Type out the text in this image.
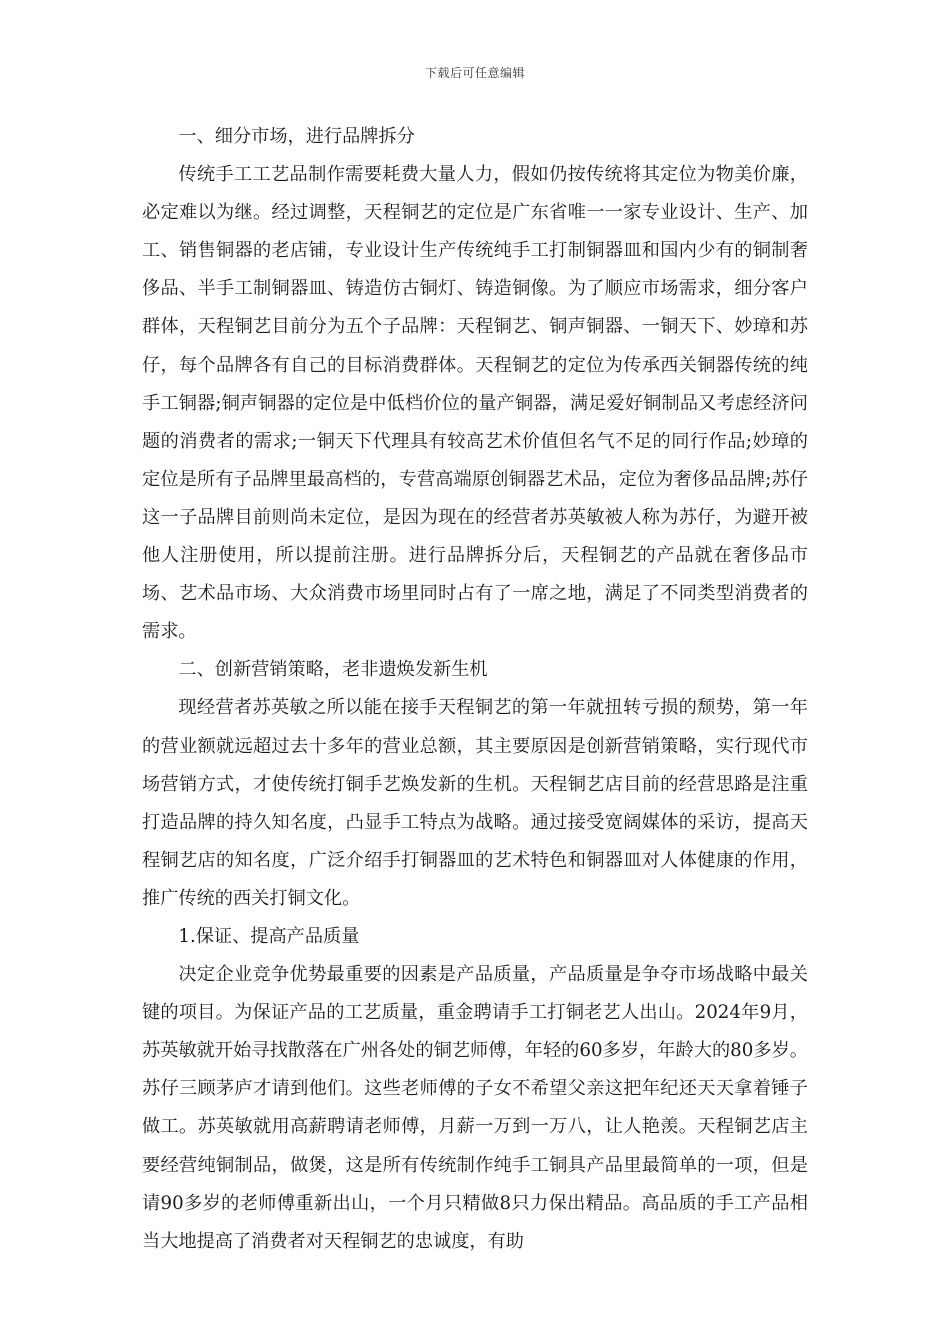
下载后可任意编辑

一、细分市场，进行品牌拆分

传统手工工艺品制作需要耗费大量人力，假如仍按传统将其定位为物美价廉，必定难以为继。经过调整，天程铜艺的定位是广东省唯一一家专业设计、生产、加工、销售铜器的老店铺，专业设计生产传统纯手工打制铜器皿和国内少有的铜制奢侈品、半手工制铜器皿、铸造仿古铜灯、铸造铜像。为了顺应市场需求，细分客户群体，天程铜艺目前分为五个子品牌：天程铜艺、铜声铜器、一铜天下、妙璋和苏仔，每个品牌各有自己的目标消费群体。天程铜艺的定位为传承西关铜器传统的纯手工铜器;铜声铜器的定位是中低档价位的量产铜器，满足爱好铜制品又考虑经济问题的消费者的需求;一铜天下代理具有较高艺术价值但名气不足的同行作品;妙璋的定位是所有子品牌里最高档的，专营高端原创铜器艺术品，定位为奢侈品品牌;苏仔这一子品牌目前则尚未定位，是因为现在的经营者苏英敏被人称为苏仔，为避开被他人注册使用，所以提前注册。进行品牌拆分后，天程铜艺的产品就在奢侈品市场、艺术品市场、大众消费市场里同时占有了一席之地，满足了不同类型消费者的需求。

二、创新营销策略，老非遗焕发新生机

现经营者苏英敏之所以能在接手天程铜艺的第一年就扭转亏损的颓势，第一年的营业额就远超过去十多年的营业总额，其主要原因是创新营销策略，实行现代市场营销方式，才使传统打铜手艺焕发新的生机。天程铜艺店目前的经营思路是注重打造品牌的持久知名度，凸显手工特点为战略。通过接受宽阔媒体的采访，提高天程铜艺店的知名度，广泛介绍手打铜器皿的艺术特色和铜器皿对人体健康的作用，推广传统的西关打铜文化。

1.保证、提高产品质量

决定企业竞争优势最重要的因素是产品质量，产品质量是争夺市场战略中最关键的项目。为保证产品的工艺质量，重金聘请手工打铜老艺人出山。2024年9月，苏英敏就开始寻找散落在广州各处的铜艺师傅，年轻的60多岁，年龄大的80多岁。苏仔三顾茅庐才请到他们。这些老师傅的子女不希望父亲这把年纪还天天拿着锤子做工。苏英敏就用高薪聘请老师傅，月薪一万到一万八，让人艳羡。天程铜艺店主要经营纯铜制品，做煲，这是所有传统制作纯手工铜具产品里最简单的一项，但是请90多岁的老师傅重新出山，一个月只精做8只力保出精品。高品质的手工产品相当大地提高了消费者对天程铜艺的忠诚度，有助
